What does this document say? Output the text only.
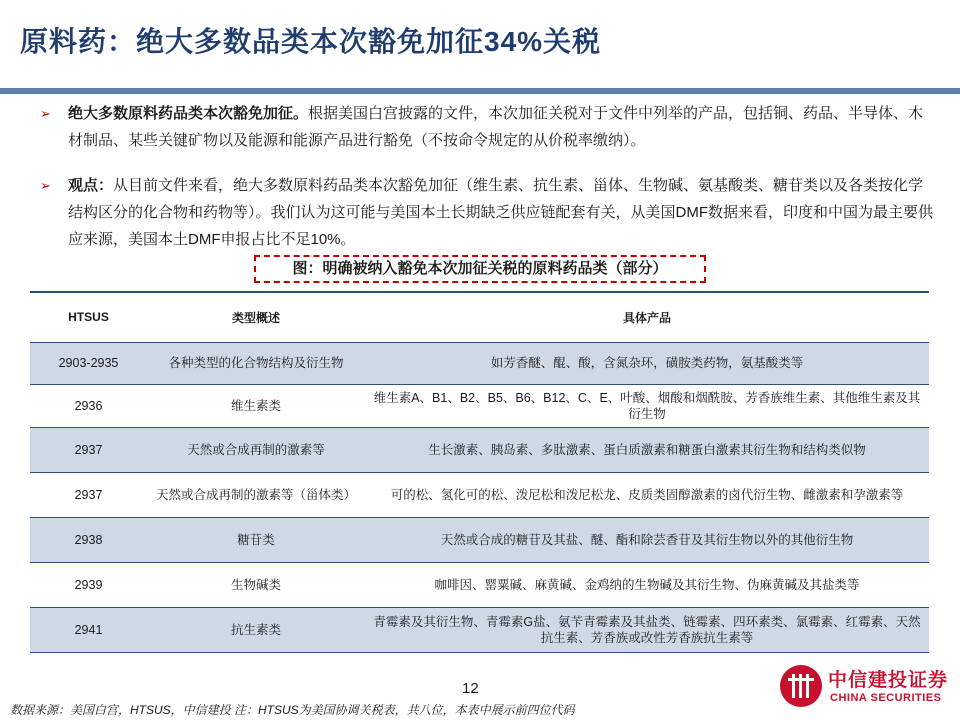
原料药：绝大多数品类本次豁免加征34%关税
➢	绝大多数原料药品类本次豁免加征。根据美国白宫披露的文件，本次加征关税对于文件中列举的产品，包括铜、药品、半导体、木材制品、某些关键矿物以及能源和能源产品进行豁免（不按命令规定的从价税率缴纳）。
➢	观点：从目前文件来看，绝大多数原料药品类本次豁免加征（维生素、抗生素、甾体、生物碱、氨基酸类、糖苷类以及各类按化学结构区分的化合物和药物等）。我们认为这可能与美国本土长期缺乏供应链配套有关，从美国DMF数据来看，印度和中国为最主要供应来源，美国本土DMF申报占比不足10%。
图：明确被纳入豁免本次加征关税的原料药品类（部分）
HTSUS	类型概述	具体产品
2903-2935	各种类型的化合物结构及衍生物	如芳香醚、醌、酸，含氮杂环，磺胺类药物，氨基酸类等
2936	维生素类	维生素A、B1、B2、B5、B6、B12、C、E、叶酸、烟酸和烟酰胺、芳香族维生素、其他维生素及其衍生物
2937	天然或合成再制的激素等	生长激素、胰岛素、多肽激素、蛋白质激素和糖蛋白激素其衍生物和结构类似物
2937	天然或合成再制的激素等（甾体类）	可的松、氢化可的松、泼尼松和泼尼松龙、皮质类固醇激素的卤代衍生物、雌激素和孕激素等
2938	糖苷类	天然或合成的糖苷及其盐、醚、酯和除芸香苷及其衍生物以外的其他衍生物
2939	生物碱类	咖啡因、罂粟碱、麻黄碱、金鸡纳的生物碱及其衍生物、伪麻黄碱及其盐类等
2941	抗生素类	青霉素及其衍生物、青霉素G盐、氨苄青霉素及其盐类、链霉素、四环素类、氯霉素、红霉素、天然抗生素、芳香族或改性芳香族抗生素等
12
数据来源：美国白宫，HTSUS，中信建投 注：HTSUS为美国协调关税表，共八位，本表中展示前四位代码
中信建投证券
CHINA SECURITIES
